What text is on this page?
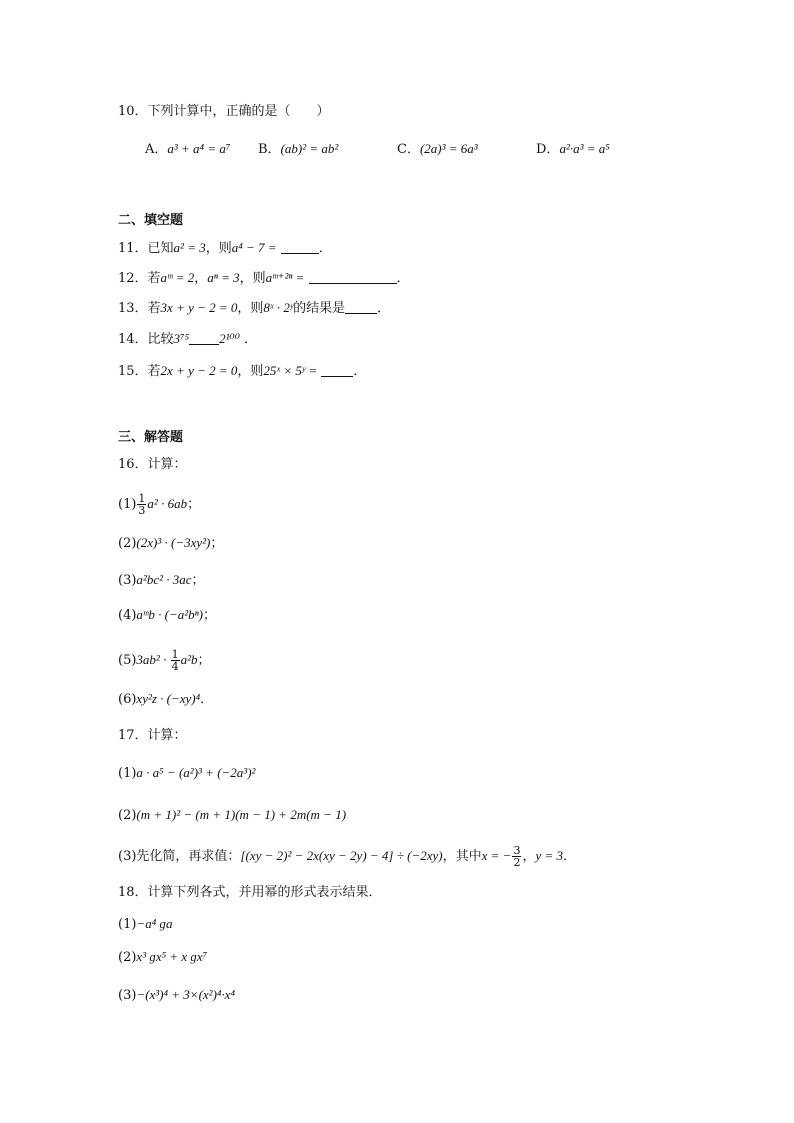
10．下列计算中，正确的是（　　）
A．a³ + a⁴ = a⁷ B．(ab)² = ab²	C．(2a)³ = 6a³	D．a²·a³ = a⁵
二、填空题
11．已知a² = 3，则a⁴ − 7 =	．
12．若aᵐ = 2，aⁿ = 3，则aᵐ⁺²ⁿ =	．
13．若3x + y − 2 = 0，则8ˣ · 2ʸ的结果是 ．
14．比较3⁷⁵ 2¹⁰⁰ ．
15．若2x + y − 2 = 0，则25ˣ × 5ʸ =	．
三、解答题
16．计算：
$(1) \frac{1}{3} a^2 \cdot 6ab$；
(2)(2x)³ · (−3xy²)；
(3)a²bc² · 3ac；
(4)aᵐb · (−a²bⁿ)；
$(5)3ab^2 \cdot \frac{1}{4} a^2b$；
(6)xy²z · (−xy)⁴．
17．计算：
(1)a · a⁵ − (a²)³ + (−2a³)²
(2)(m + 1)² − (m + 1)(m − 1) + 2m(m − 1)
(3)先化简，再求值：[(xy − 2)² − 2x(xy − 2y) − 4] ÷ (−2xy)，其中x = − $\frac{3}{2}$ ，y = 3．
18．计算下列各式，并用幂的形式表示结果．
(1)−a⁴ ɡa
(2)x³ ɡx⁵ + x ɡx⁷
(3)−(x³)⁴ + 3×(x²)⁴·x⁴
